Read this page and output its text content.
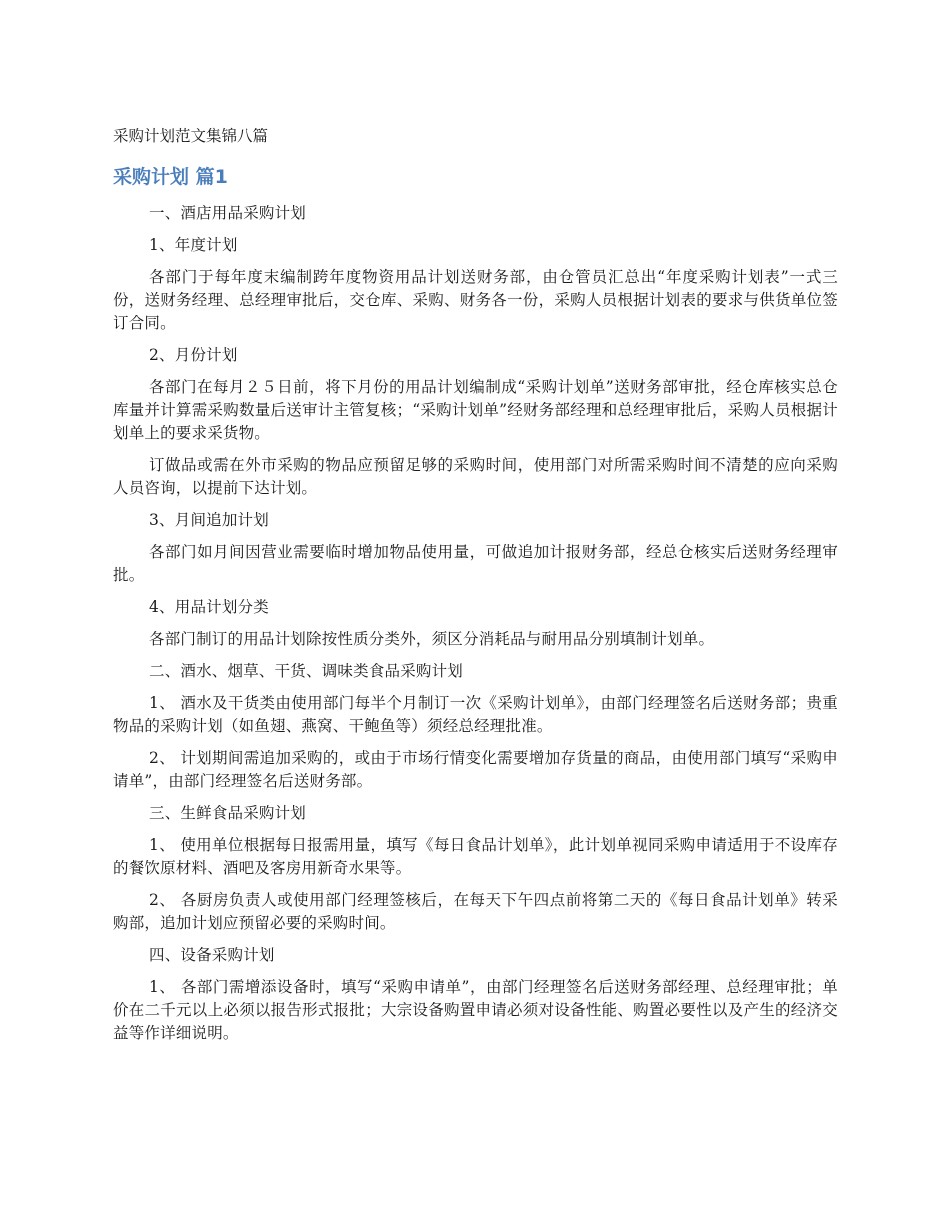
采购计划范文集锦八篇
采购计划 篇1

一、酒店用品采购计划

1、年度计划

各部门于每年度末编制跨年度物资用品计划送财务部，由仓管员汇总出“年度采购计划表”一式三份，送财务经理、总经理审批后，交仓库、采购、财务各一份，采购人员根据计划表的要求与供货单位签订合同。

2、月份计划

各部门在每月２５日前，将下月份的用品计划编制成“采购计划单”送财务部审批，经仓库核实总仓库量并计算需采购数量后送审计主管复核；“采购计划单”经财务部经理和总经理审批后，采购人员根据计划单上的要求采货物。

订做品或需在外市采购的物品应预留足够的采购时间，使用部门对所需采购时间不清楚的应向采购人员咨询，以提前下达计划。

3、月间追加计划

各部门如月间因营业需要临时增加物品使用量，可做追加计报财务部，经总仓核实后送财务经理审批。

4、用品计划分类

各部门制订的用品计划除按性质分类外，须区分消耗品与耐用品分别填制计划单。

二、酒水、烟草、干货、调味类食品采购计划

1、 酒水及干货类由使用部门每半个月制订一次《采购计划单》，由部门经理签名后送财务部；贵重物品的采购计划（如鱼翅、燕窝、干鲍鱼等）须经总经理批准。

2、 计划期间需追加采购的，或由于市场行情变化需要增加存货量的商品，由使用部门填写“采购申请单”，由部门经理签名后送财务部。

三、生鲜食品采购计划

1、 使用单位根据每日报需用量，填写《每日食品计划单》，此计划单视同采购申请适用于不设库存的餐饮原材料、酒吧及客房用新奇水果等。

2、 各厨房负责人或使用部门经理签核后，在每天下午四点前将第二天的《每日食品计划单》转采购部，追加计划应预留必要的采购时间。

四、设备采购计划

1、 各部门需增添设备时，填写“采购申请单”，由部门经理签名后送财务部经理、总经理审批；单价在二千元以上必须以报告形式报批；大宗设备购置申请必须对设备性能、购置必要性以及产生的经济交益等作详细说明。
